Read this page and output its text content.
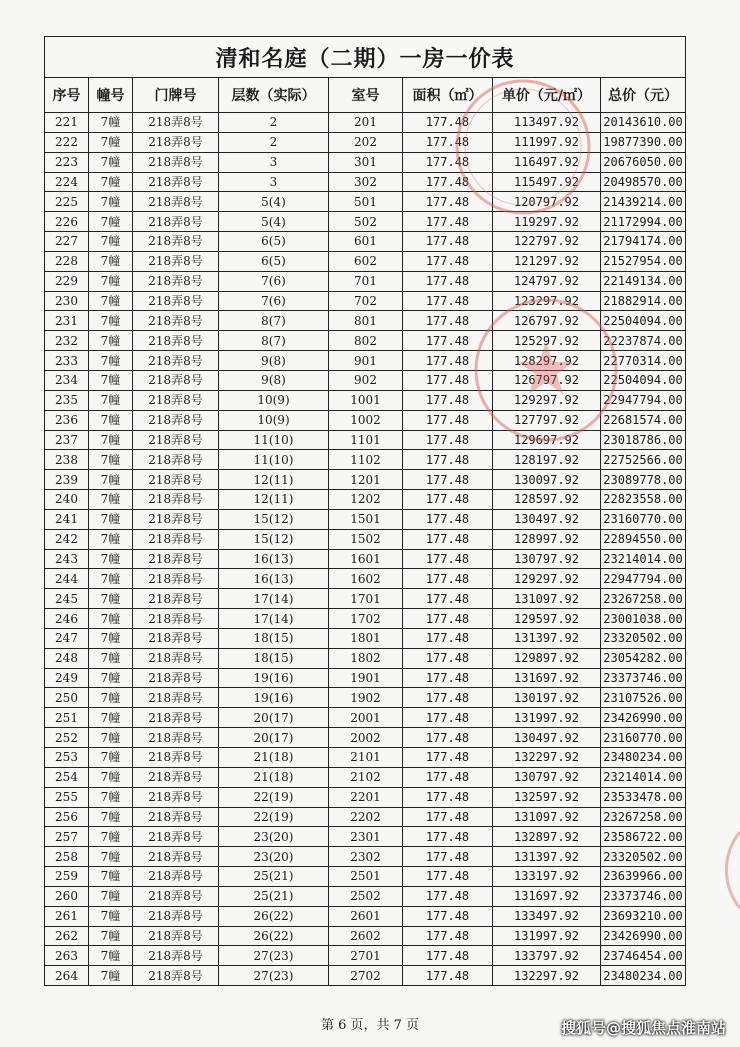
清和名庭（二期）一房一价表							
序号	幢号	门牌号	层数（实际）	室号	面积（㎡）	单价（元/㎡）	总价（元）
221	7幢	218弄8号	2	201	177.48	113497.92	20143610.00
222	7幢	218弄8号	2	202	177.48	111997.92	19877390.00
223	7幢	218弄8号	3	301	177.48	116497.92	20676050.00
224	7幢	218弄8号	3	302	177.48	115497.92	20498570.00
225	7幢	218弄8号	5(4)	501	177.48	120797.92	21439214.00
226	7幢	218弄8号	5(4)	502	177.48	119297.92	21172994.00
227	7幢	218弄8号	6(5)	601	177.48	122797.92	21794174.00
228	7幢	218弄8号	6(5)	602	177.48	121297.92	21527954.00
229	7幢	218弄8号	7(6)	701	177.48	124797.92	22149134.00
230	7幢	218弄8号	7(6)	702	177.48	123297.92	21882914.00
231	7幢	218弄8号	8(7)	801	177.48	126797.92	22504094.00
232	7幢	218弄8号	8(7)	802	177.48	125297.92	22237874.00
233	7幢	218弄8号	9(8)	901	177.48	128297.92	22770314.00
234	7幢	218弄8号	9(8)	902	177.48	126797.92	22504094.00
235	7幢	218弄8号	10(9)	1001	177.48	129297.92	22947794.00
236	7幢	218弄8号	10(9)	1002	177.48	127797.92	22681574.00
237	7幢	218弄8号	11(10)	1101	177.48	129697.92	23018786.00
238	7幢	218弄8号	11(10)	1102	177.48	128197.92	22752566.00
239	7幢	218弄8号	12(11)	1201	177.48	130097.92	23089778.00
240	7幢	218弄8号	12(11)	1202	177.48	128597.92	22823558.00
241	7幢	218弄8号	15(12)	1501	177.48	130497.92	23160770.00
242	7幢	218弄8号	15(12)	1502	177.48	128997.92	22894550.00
243	7幢	218弄8号	16(13)	1601	177.48	130797.92	23214014.00
244	7幢	218弄8号	16(13)	1602	177.48	129297.92	22947794.00
245	7幢	218弄8号	17(14)	1701	177.48	131097.92	23267258.00
246	7幢	218弄8号	17(14)	1702	177.48	129597.92	23001038.00
247	7幢	218弄8号	18(15)	1801	177.48	131397.92	23320502.00
248	7幢	218弄8号	18(15)	1802	177.48	129897.92	23054282.00
249	7幢	218弄8号	19(16)	1901	177.48	131697.92	23373746.00
250	7幢	218弄8号	19(16)	1902	177.48	130197.92	23107526.00
251	7幢	218弄8号	20(17)	2001	177.48	131997.92	23426990.00
252	7幢	218弄8号	20(17)	2002	177.48	130497.92	23160770.00
253	7幢	218弄8号	21(18)	2101	177.48	132297.92	23480234.00
254	7幢	218弄8号	21(18)	2102	177.48	130797.92	23214014.00
255	7幢	218弄8号	22(19)	2201	177.48	132597.92	23533478.00
256	7幢	218弄8号	22(19)	2202	177.48	131097.92	23267258.00
257	7幢	218弄8号	23(20)	2301	177.48	132897.92	23586722.00
258	7幢	218弄8号	23(20)	2302	177.48	131397.92	23320502.00
259	7幢	218弄8号	25(21)	2501	177.48	133197.92	23639966.00
260	7幢	218弄8号	25(21)	2502	177.48	131697.92	23373746.00
261	7幢	218弄8号	26(22)	2601	177.48	133497.92	23693210.00
262	7幢	218弄8号	26(22)	2602	177.48	131997.92	23426990.00
263	7幢	218弄8号	27(23)	2701	177.48	133797.92	23746454.00
264	7幢	218弄8号	27(23)	2702	177.48	132297.92	23480234.00
第 6 页，共 7 页	搜狐号@搜狐焦点淮南站
